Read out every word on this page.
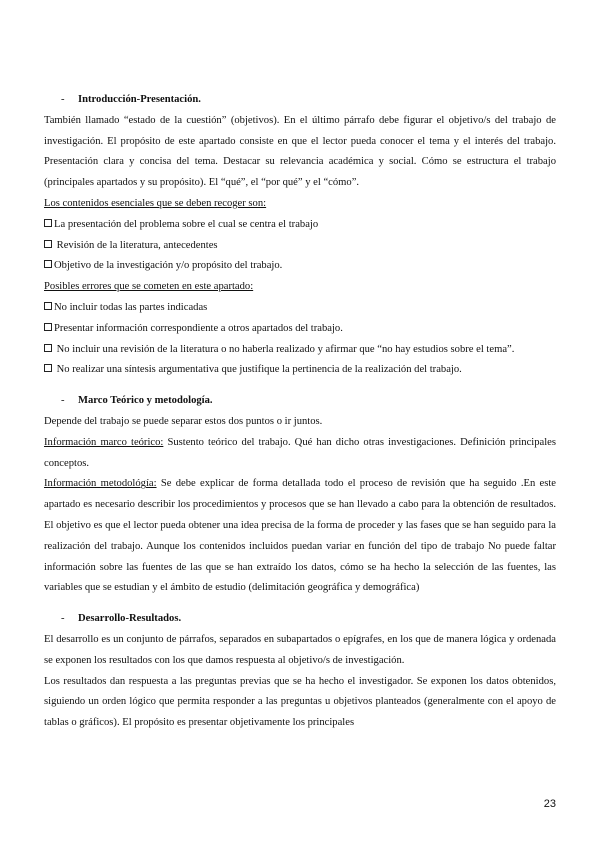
- Introducción-Presentación.

También llamado “estado de la cuestión” (objetivos). En el último párrafo debe figurar el objetivo/s del trabajo de investigación. El propósito de este apartado consiste en que el lector pueda conocer el tema y el interés del trabajo. Presentación clara y concisa del tema. Destacar su relevancia académica y social. Cómo se estructura el trabajo (principales apartados y su propósito). El “qué”, el “por qué” y el “cómo”.

Los contenidos esenciales que se deben recoger son:

La presentación del problema sobre el cual se centra el trabajo

Revisión de la literatura, antecedentes

Objetivo de la investigación y/o propósito del trabajo.

Posibles errores que se cometen en este apartado:

No incluir todas las partes indicadas

Presentar información correspondiente a otros apartados del trabajo.

No incluir una revisión de la literatura o no haberla realizado y afirmar que “no hay estudios sobre el tema”.

No realizar una síntesis argumentativa que justifique la pertinencia de la realización del trabajo.

- Marco Teórico y metodología.

Depende del trabajo se puede separar estos dos puntos o ir juntos.

Información marco teórico: Sustento teórico del trabajo. Qué han dicho otras investigaciones. Definición principales conceptos.

Información metodológía: Se debe explicar de forma detallada todo el proceso de revisión que ha seguido .En este apartado es necesario describir los procedimientos y procesos que se han llevado a cabo para la obtención de resultados. El objetivo es que el lector pueda obtener una idea precisa de la forma de proceder y las fases que se han seguido para la realización del trabajo. Aunque los contenidos incluidos puedan variar en función del tipo de trabajo No puede faltar información sobre las fuentes de las que se han extraído los datos, cómo se ha hecho la selección de las fuentes, las variables que se estudian y el ámbito de estudio (delimitación geográfica y demográfica)

- Desarrollo-Resultados.

El desarrollo es un conjunto de párrafos, separados en subapartados o epígrafes, en los que de manera lógica y ordenada se exponen los resultados con los que damos respuesta al objetivo/s de investigación.

Los resultados dan respuesta a las preguntas previas que se ha hecho el investigador. Se exponen los datos obtenidos, siguiendo un orden lógico que permita responder a las preguntas u objetivos planteados (generalmente con el apoyo de tablas o gráficos). El propósito es presentar objetivamente los principales

23
